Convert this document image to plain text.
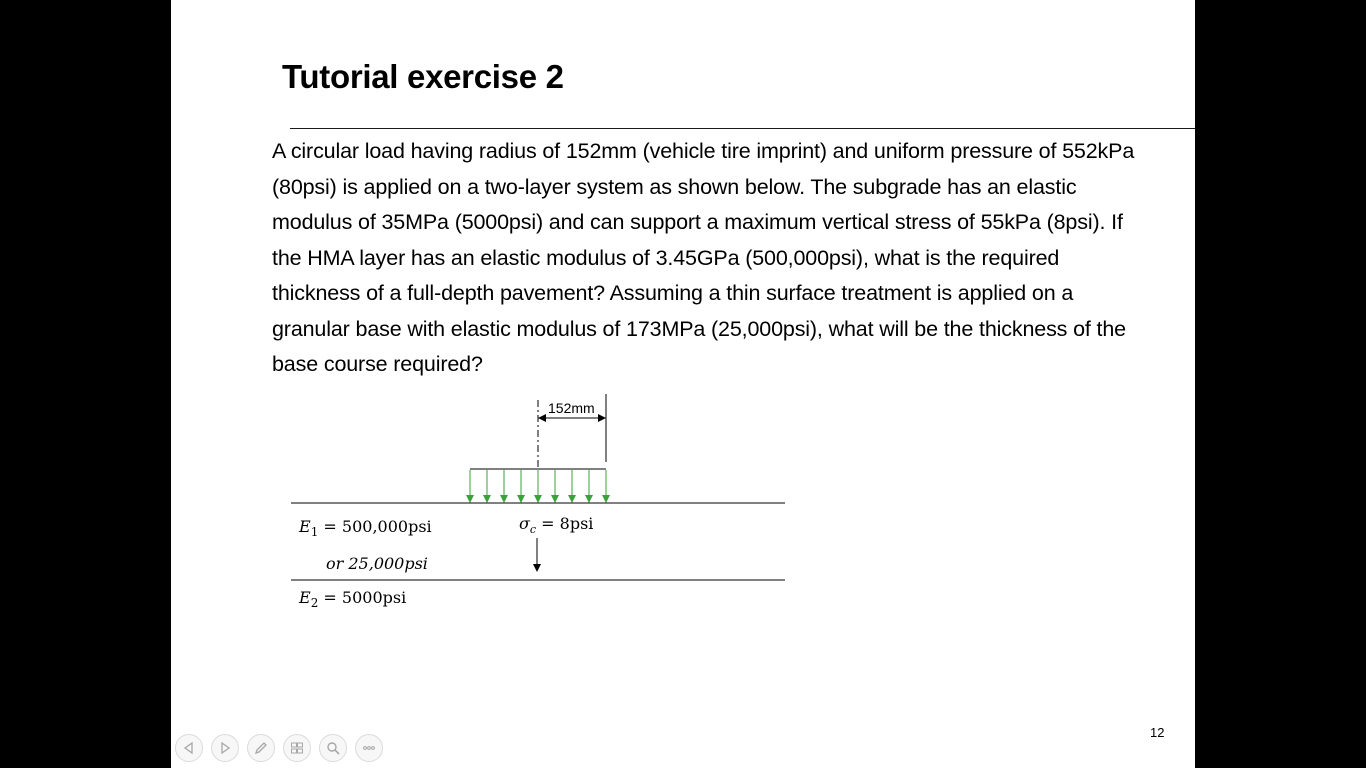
Tutorial exercise 2

A circular load having radius of 152mm (vehicle tire imprint) and uniform pressure of 552kPa (80psi) is applied on a two-layer system as shown below. The subgrade has an elastic modulus of 35MPa (5000psi) and can support a maximum vertical stress of 55kPa (8psi). If the HMA layer has an elastic modulus of 3.45GPa (500,000psi), what is the required thickness of a full-depth pavement? Assuming a thin surface treatment is applied on a granular base with elastic modulus of 173MPa (25,000psi), what will be the thickness of the base course required?

152mm
$E_1 = 500,000psi$
or 25,000psi
$\sigma_c = 8psi$
$E_2 = 5000psi$
12
